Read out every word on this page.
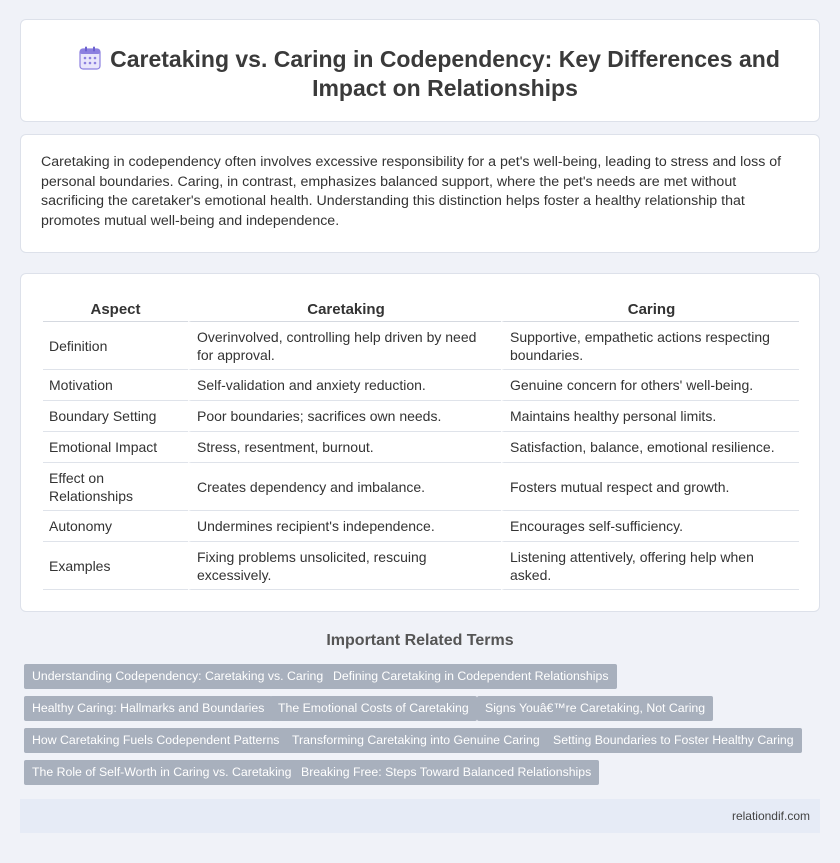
Caretaking vs. Caring in Codependency: Key Differences and Impact on Relationships

Caretaking in codependency often involves excessive responsibility for a pet's well-being, leading to stress and loss of personal boundaries. Caring, in contrast, emphasizes balanced support, where the pet's needs are met without sacrificing the caretaker's emotional health. Understanding this distinction helps foster a healthy relationship that promotes mutual well-being and independence.

Aspect	Caretaking	Caring
Definition	Overinvolved, controlling help driven by need for approval.	Supportive, empathetic actions respecting boundaries.
Motivation	Self-validation and anxiety reduction.	Genuine concern for others' well-being.
Boundary Setting	Poor boundaries; sacrifices own needs.	Maintains healthy personal limits.
Emotional Impact	Stress, resentment, burnout.	Satisfaction, balance, emotional resilience.
Effect on Relationships	Creates dependency and imbalance.	Fosters mutual respect and growth.
Autonomy	Undermines recipient's independence.	Encourages self-sufficiency.
Examples	Fixing problems unsolicited, rescuing excessively.	Listening attentively, offering help when asked.
Important Related Terms
Understanding Codependency: Caretaking vs. Caring Defining Caretaking in Codependent Relationships
Healthy Caring: Hallmarks and Boundaries	The Emotional Costs of Caretaking	Signs Youâ€™re Caretaking, Not Caring
How Caretaking Fuels Codependent Patterns	Transforming Caretaking into Genuine Caring	Setting Boundaries to Foster Healthy Caring
The Role of Self-Worth in Caring vs. Caretaking Breaking Free: Steps Toward Balanced Relationships
relationdif.com
